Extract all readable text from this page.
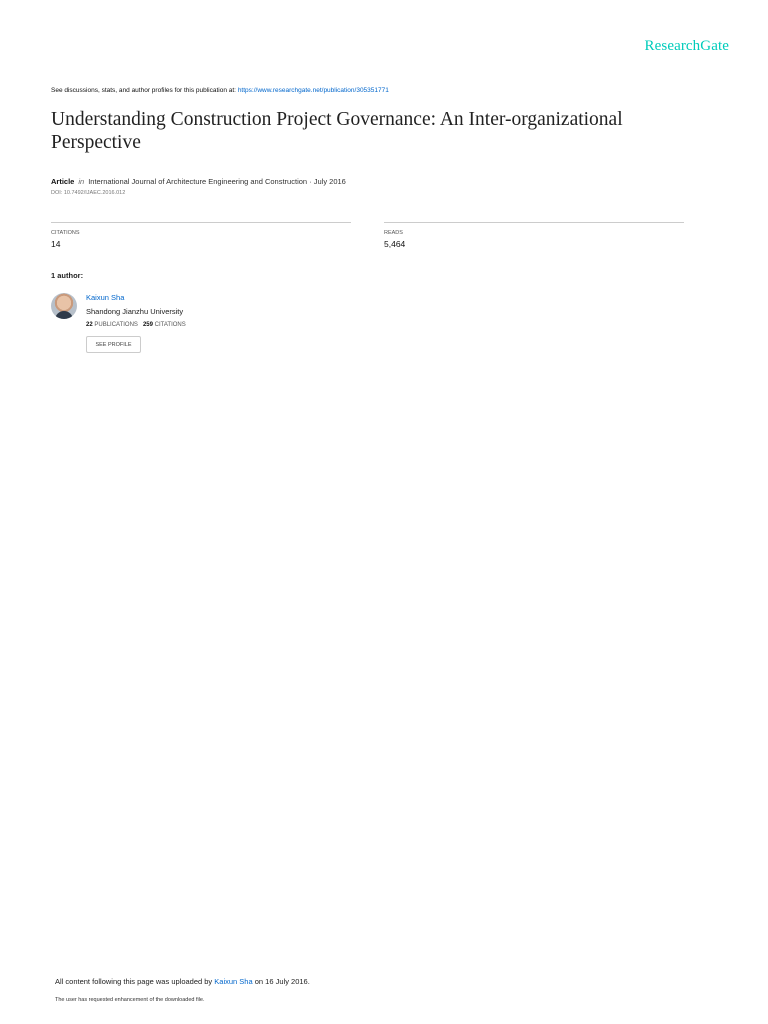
ResearchGate
See discussions, stats, and author profiles for this publication at: https://www.researchgate.net/publication/305351771
Understanding Construction Project Governance: An Inter-organizational Perspective
Article in International Journal of Architecture Engineering and Construction · July 2016
DOI: 10.7492/IJAEC.2016.012
CITATIONS
14
READS
5,464
1 author:
Kaixun Sha
Shandong Jianzhu University
22 PUBLICATIONS 259 CITATIONS
SEE PROFILE
All content following this page was uploaded by Kaixun Sha on 16 July 2016.
The user has requested enhancement of the downloaded file.
